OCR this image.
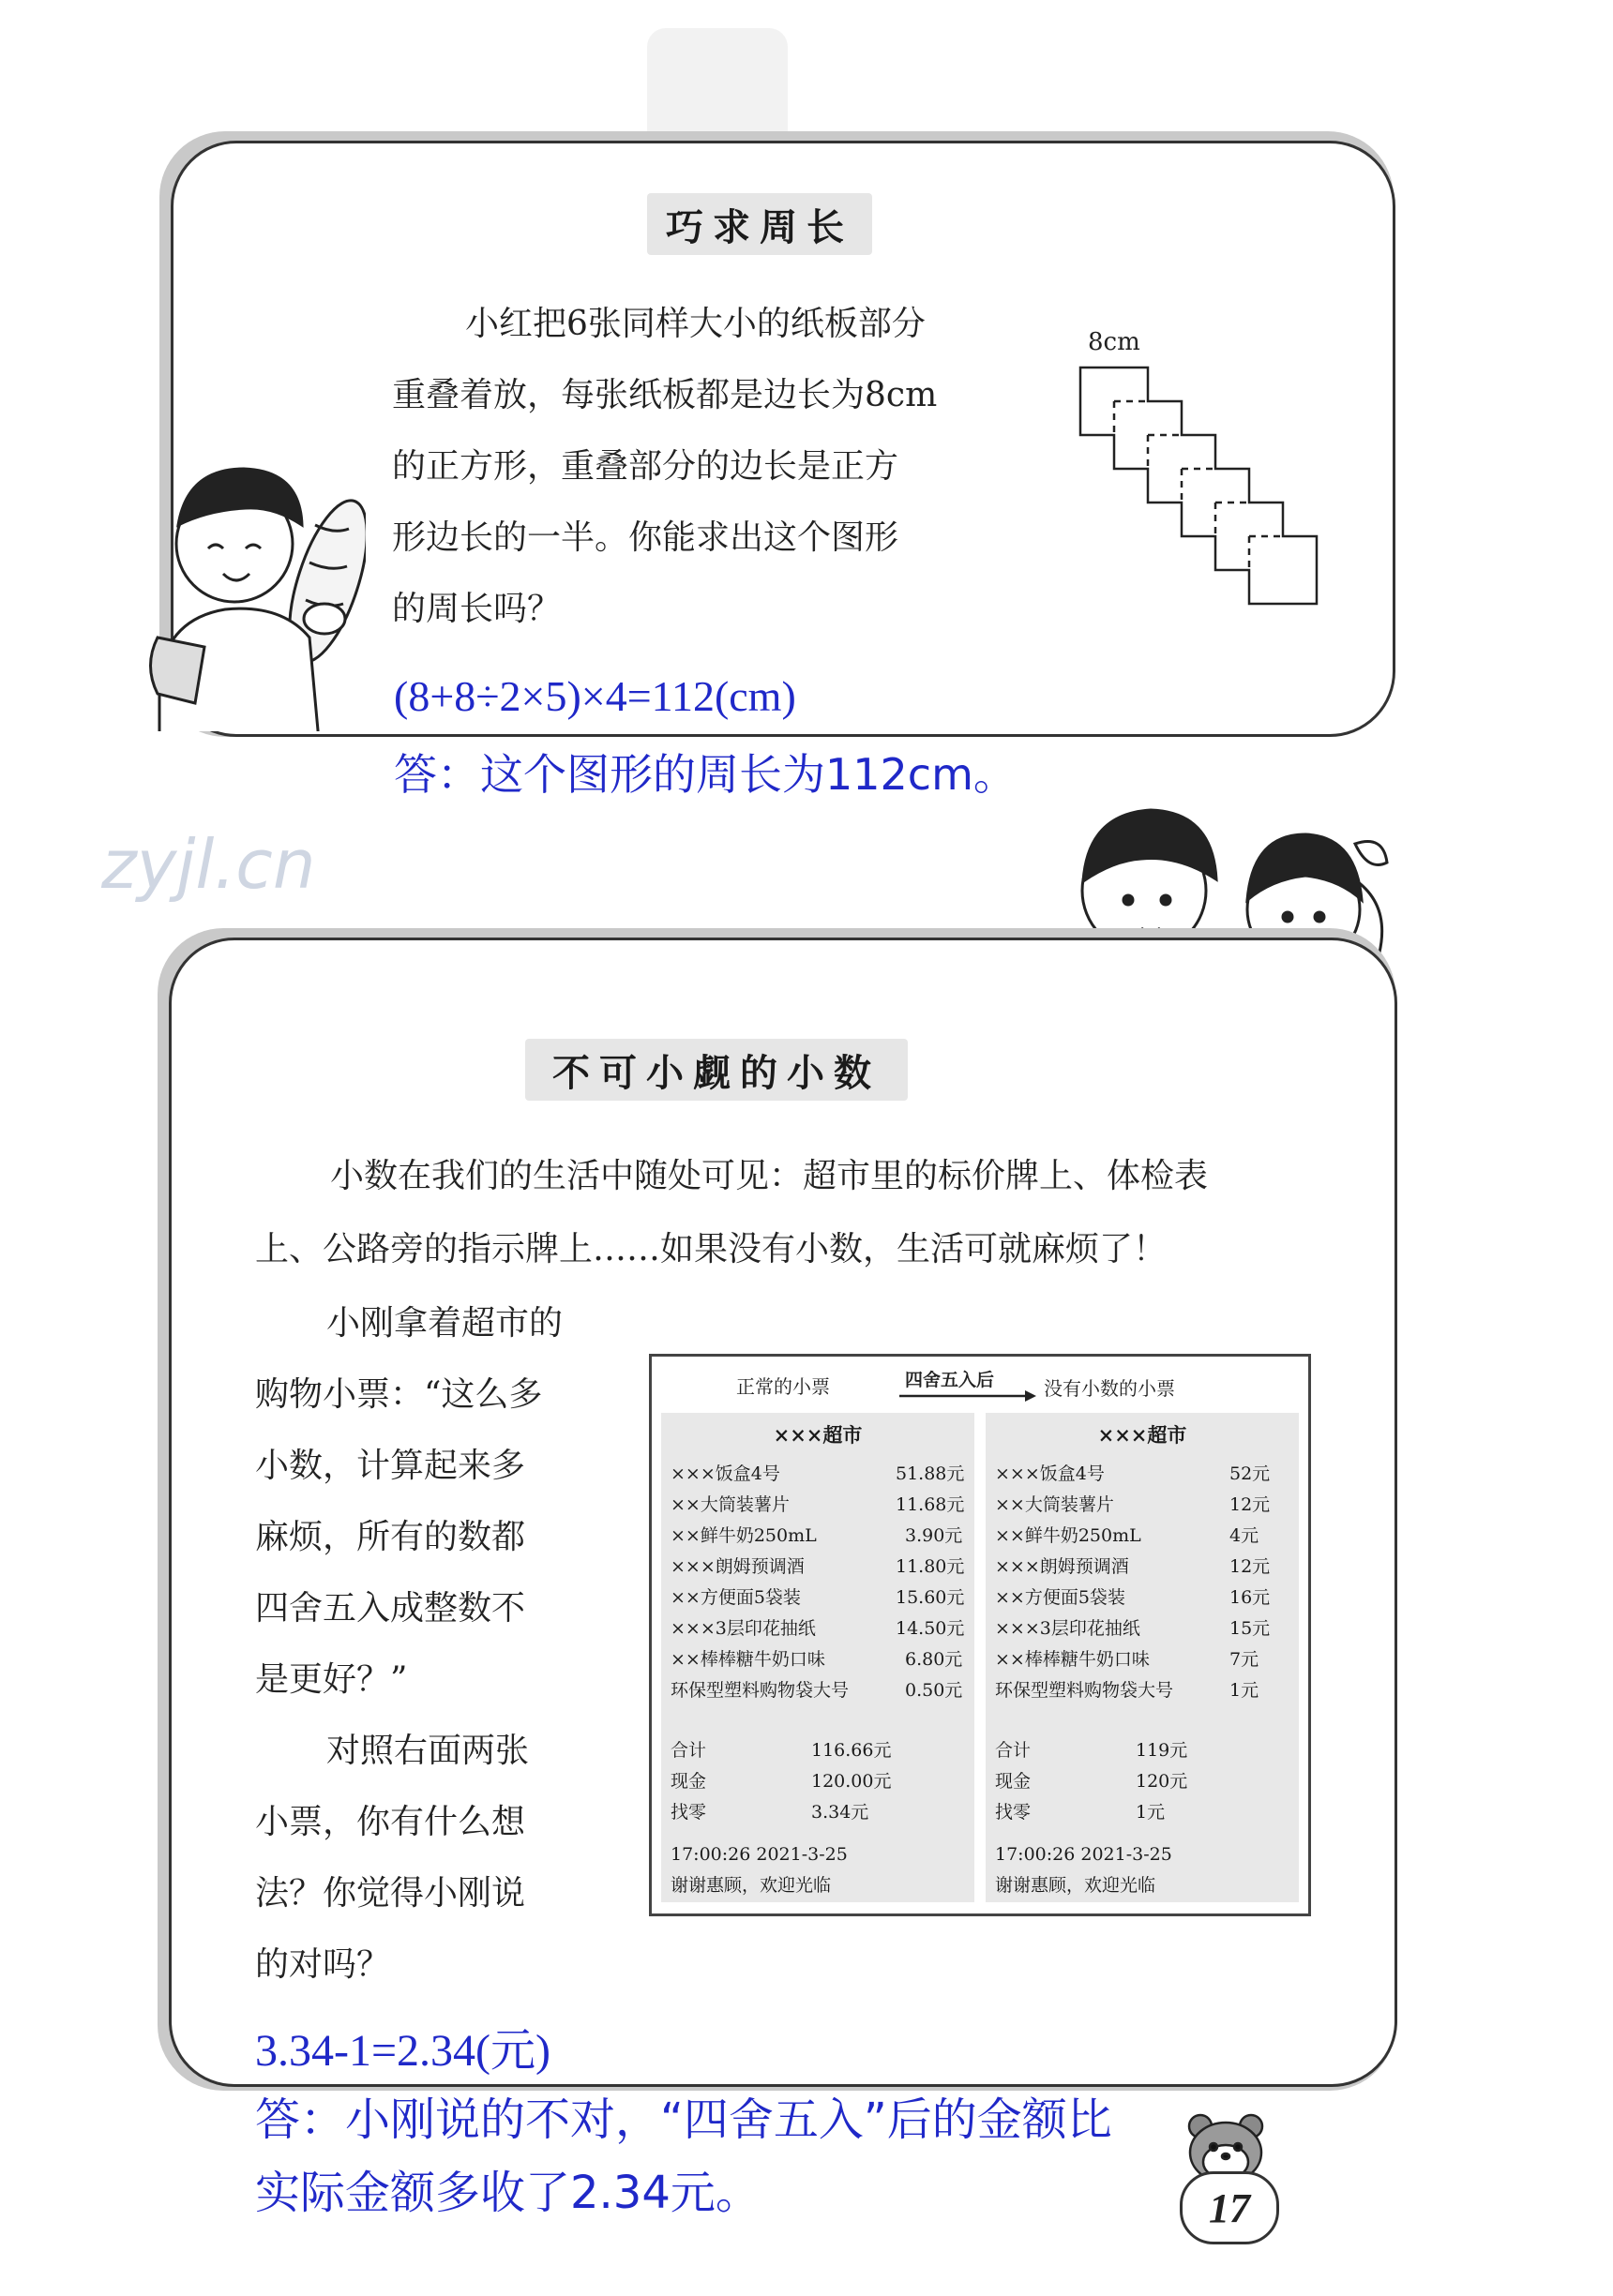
巧求周长
小红把6张同样大小的纸板部分
重叠着放，每张纸板都是边长为8cm
的正方形，重叠部分的边长是正方
形边长的一半。你能求出这个图形
的周长吗？
8cm
(8+8÷2×5)×4=112(cm)
答：这个图形的周长为112cm。
zyjl.cn
不可小觑的小数
小数在我们的生活中随处可见：超市里的标价牌上、体检表
上、公路旁的指示牌上……如果没有小数，生活可就麻烦了！
小刚拿着超市的
购物小票：“这么多
小数，计算起来多
麻烦，所有的数都
四舍五入成整数不
是更好？”
对照右面两张
小票，你有什么想
法？你觉得小刚说
的对吗？
正常的小票	四舍五入后	没有小数的小票
×××超市
×××饭盒4号	51.88元
××大筒装薯片	11.68元
××鲜牛奶250mL	3.90元
×××朗姆预调酒	11.80元
××方便面5袋装	15.60元
×××3层印花抽纸	14.50元
××棒棒糖牛奶口味	6.80元
环保型塑料购物袋大号	0.50元
合计	116.66元
现金	120.00元
找零	3.34元
17:00:26 2021-3-25
谢谢惠顾，欢迎光临
×××超市
×××饭盒4号	52元
××大筒装薯片	12元
××鲜牛奶250mL	4元
×××朗姆预调酒	12元
××方便面5袋装	16元
×××3层印花抽纸	15元
××棒棒糖牛奶口味	7元
环保型塑料购物袋大号	1元
合计	119元
现金	120元
找零	1元
17:00:26 2021-3-25
谢谢惠顾，欢迎光临
3.34-1=2.34(元)
答：小刚说的不对，“四舍五入”后的金额比
实际金额多收了2.34元。	17
